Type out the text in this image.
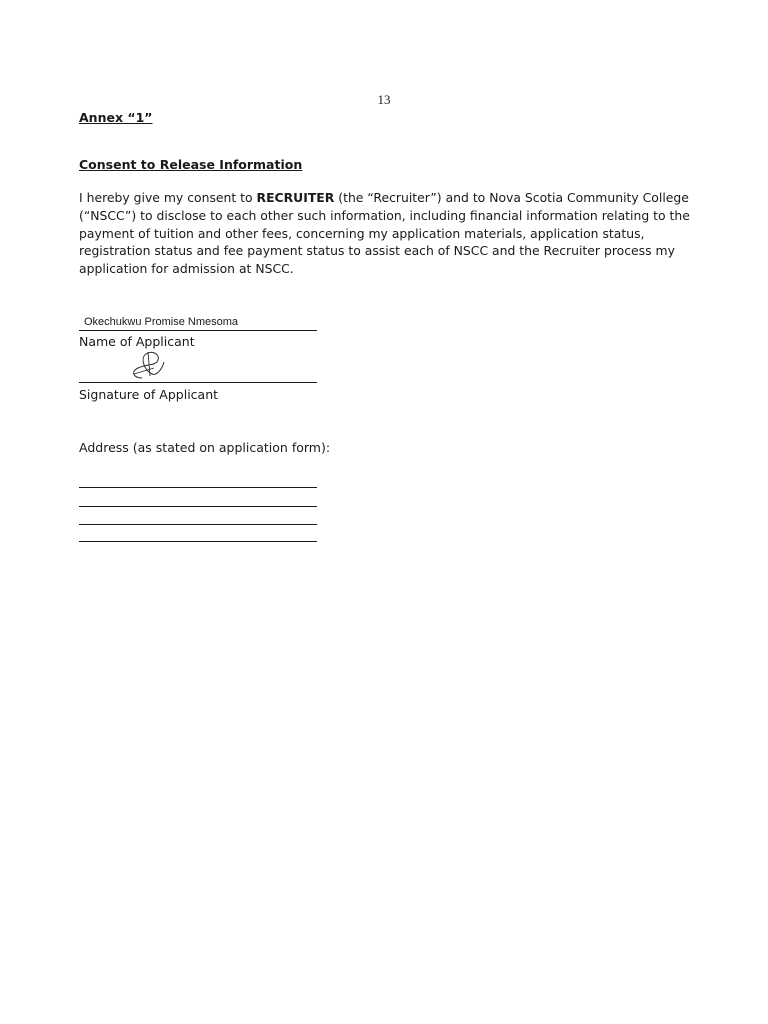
13
Annex “1”
Consent to Release Information

I hereby give my consent to RECRUITER (the “Recruiter”) and to Nova Scotia Community College (“NSCC”) to disclose to each other such information, including financial information relating to the payment of tuition and other fees, concerning my application materials, application status, registration status and fee payment status to assist each of NSCC and the Recruiter process my application for admission at NSCC.

Okechukwu Promise Nmesoma
Name of Applicant
Signature of Applicant
Address (as stated on application form):
